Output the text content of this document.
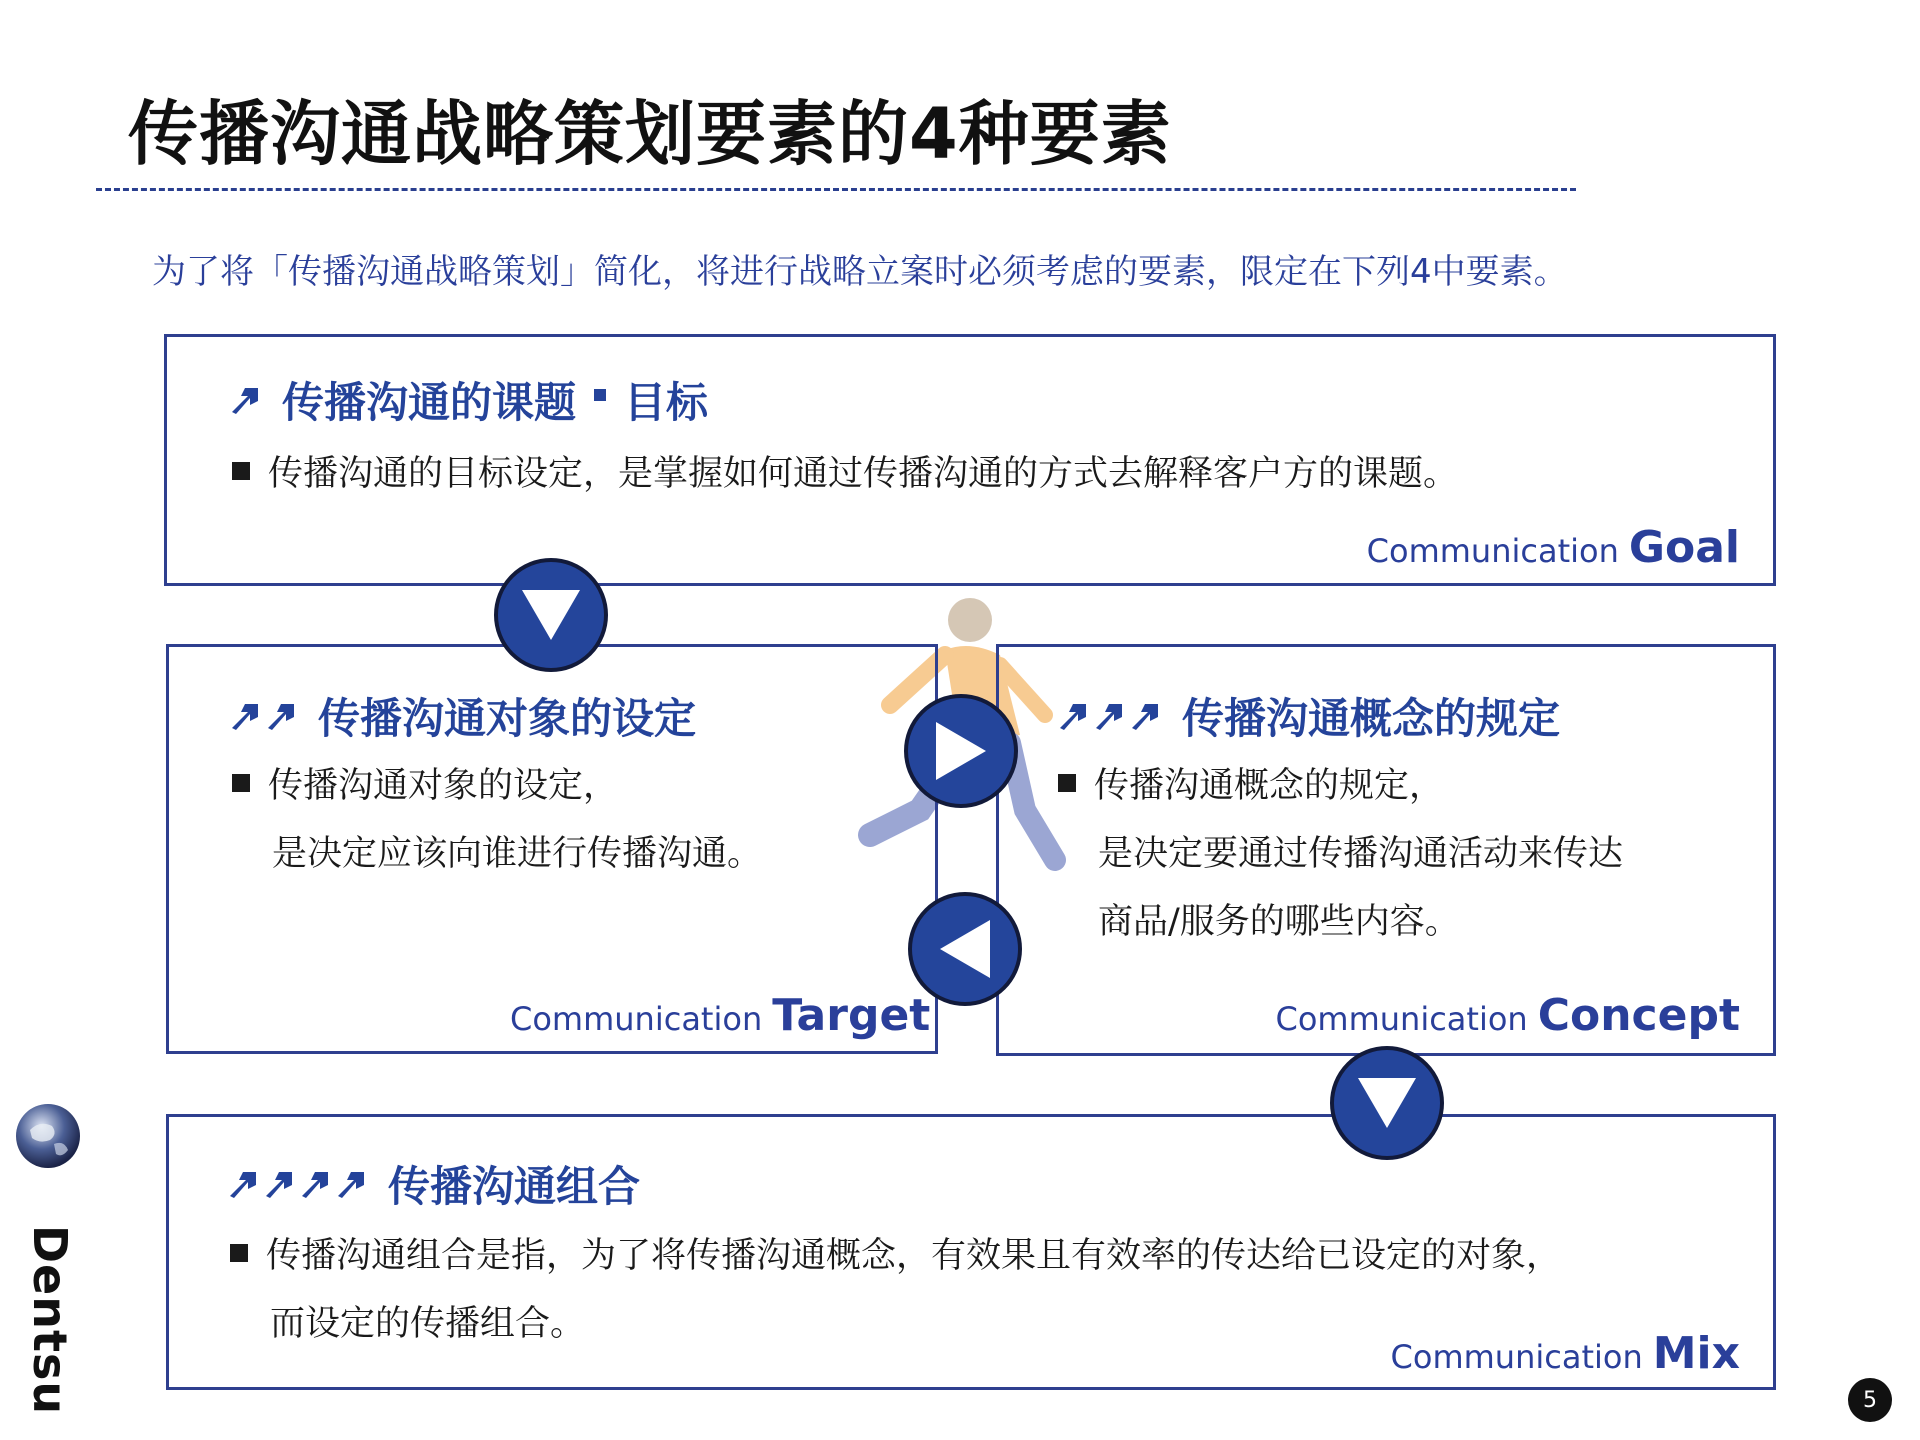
传播沟通战略策划要素的4种要素
为了将「传播沟通战略策划」简化，将进行战略立案时必须考虑的要素，限定在下列4中要素。
传播沟通的课题 目标
传播沟通的目标设定，是掌握如何通过传播沟通的方式去解释客户方的课题。
Communication Goal
传播沟通对象的设定
传播沟通对象的设定，
是决定应该向谁进行传播沟通。
Communication Target
传播沟通概念的规定
传播沟通概念的规定，
是决定要通过传播沟通活动来传达
商品/服务的哪些内容。
Communication Concept
传播沟通组合
传播沟通组合是指，为了将传播沟通概念，有效果且有效率的传达给已设定的对象，
而设定的传播组合。
Communication Mix
Dentsu	5
